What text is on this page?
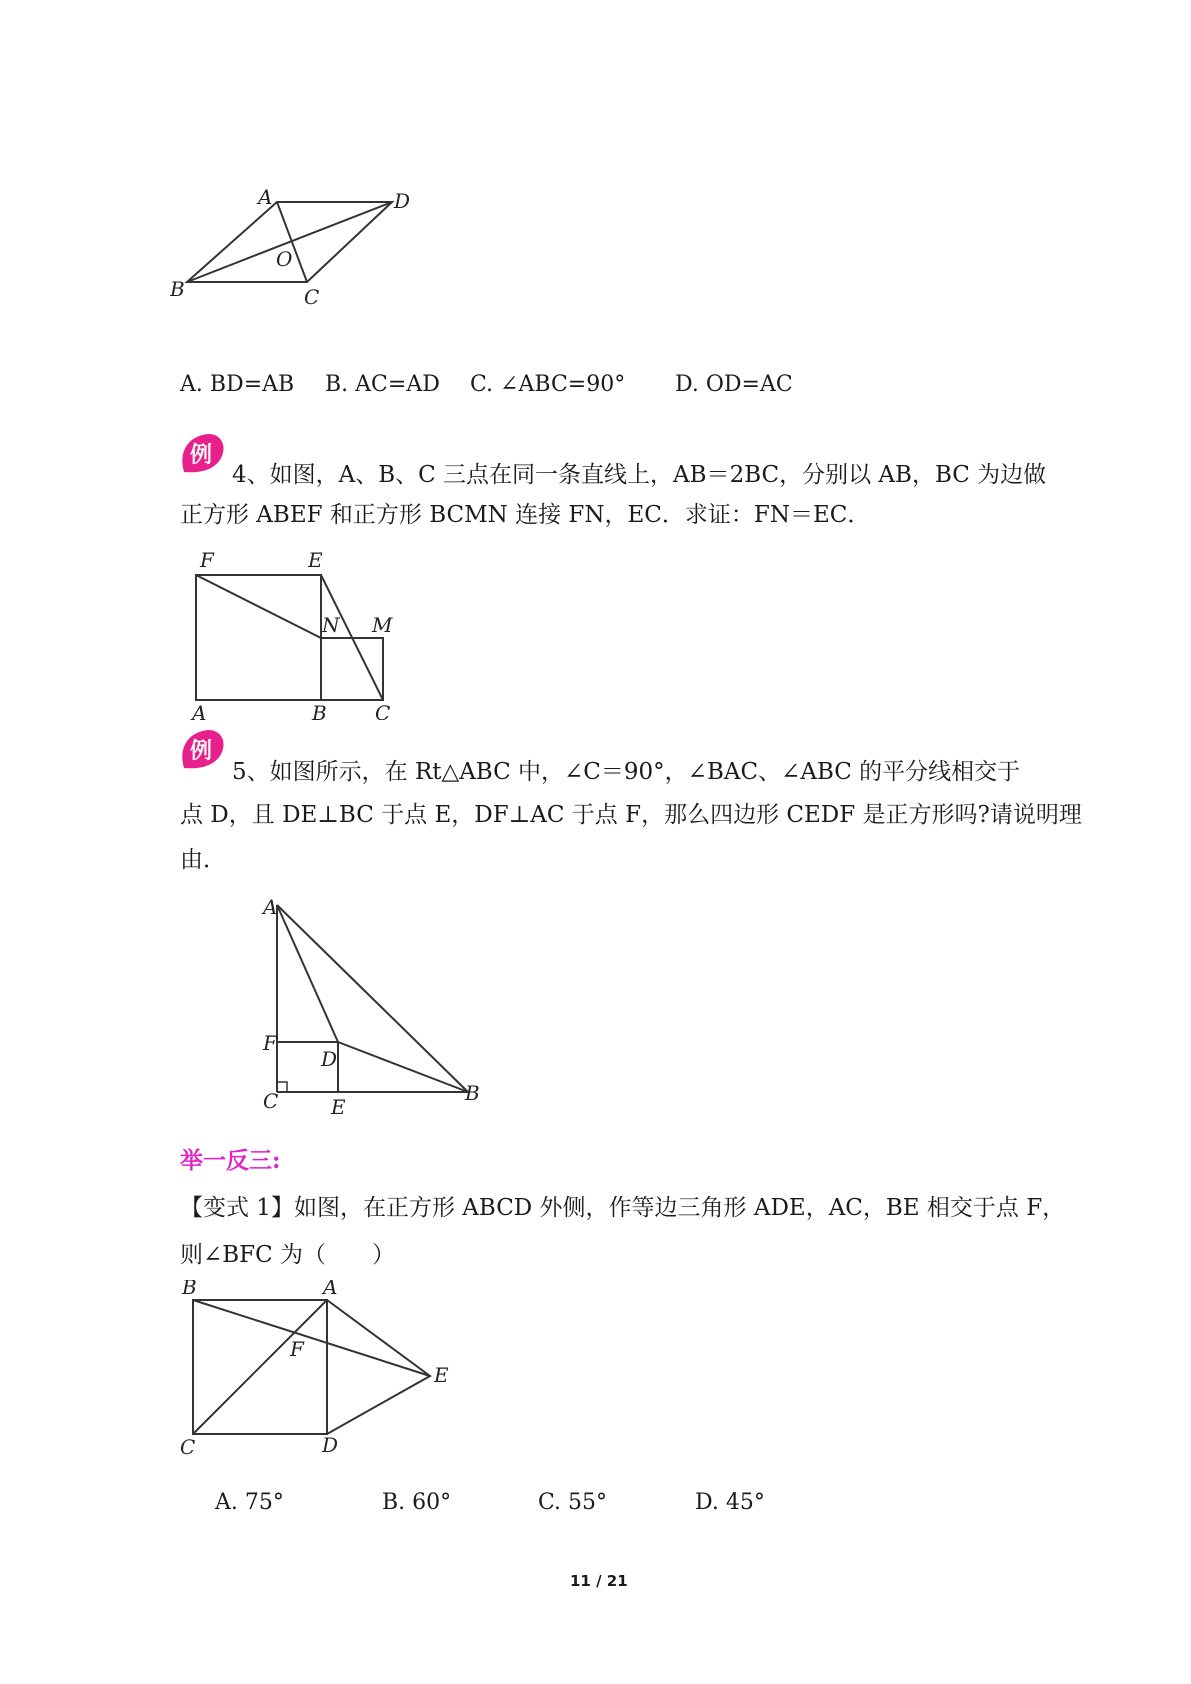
A	D
O
B	C
A. BD=AB B. AC=AD C. ∠ABC=90° D. OD=AC
例
4、如图，A、B、C 三点在同一条直线上，AB＝2BC，分别以 AB，BC 为边做
正方形 ABEF 和正方形 BCMN 连接 FN，EC．求证：FN＝EC．
F	E
N M
A	B C
例
5、如图所示，在 Rt△ABC 中，∠C＝90°，∠BAC、∠ABC 的平分线相交于
点 D，且 DE⊥BC 于点 E，DF⊥AC 于点 F，那么四边形 CEDF 是正方形吗?请说明理
由．
A
F
D
C	E
B
举一反三:
【变式 1】如图，在正方形 ABCD 外侧，作等边三角形 ADE，AC，BE 相交于点 F，
则∠BFC 为（　　）
B	A
F
E
C	D
A. 75°	B. 60°	C. 55°	D. 45°
11 / 21
